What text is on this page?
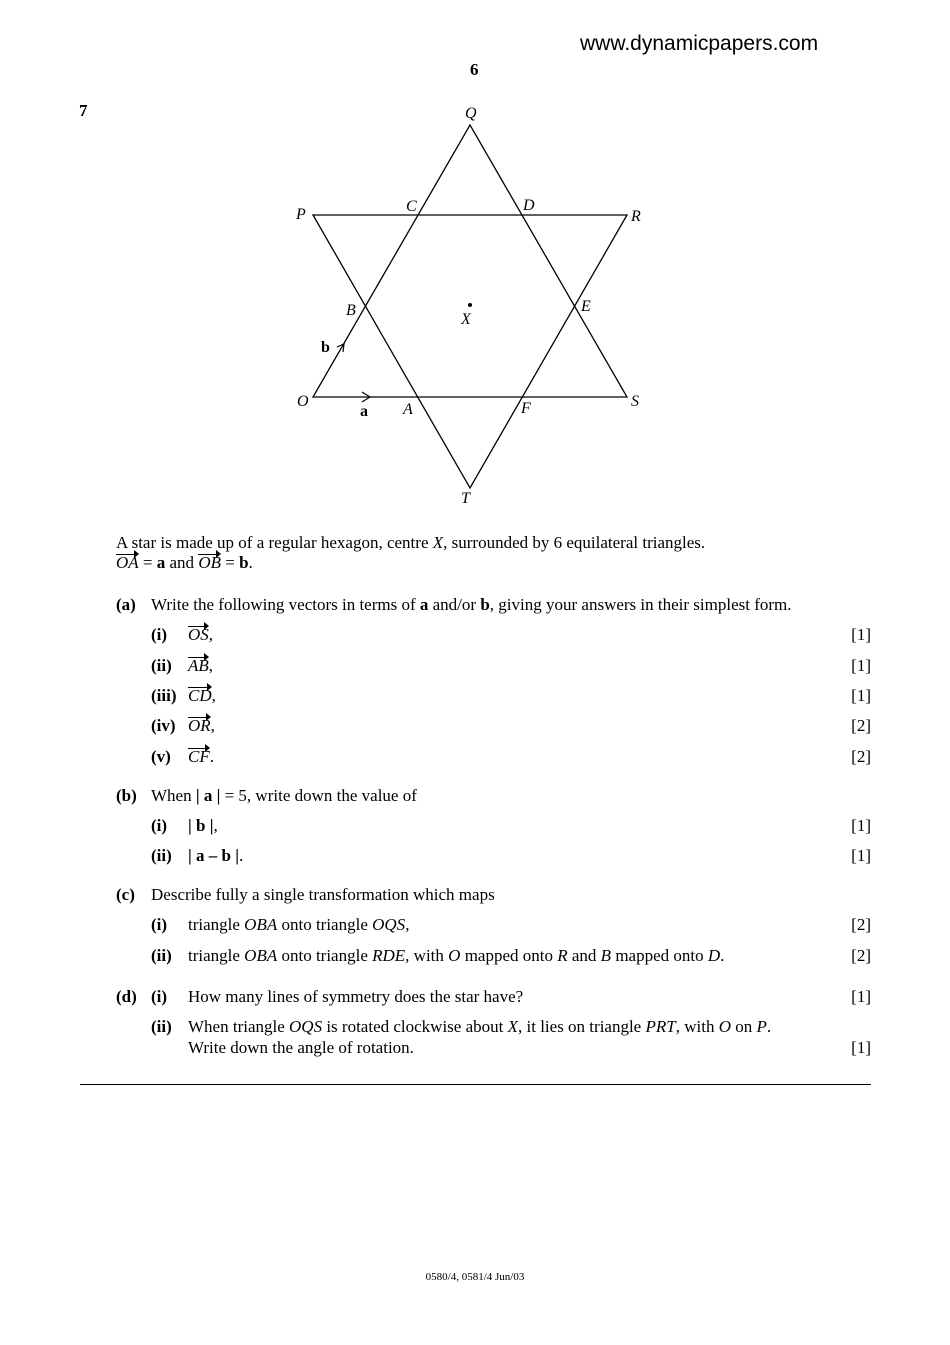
www.dynamicpapers.com
6
7	Q
P	R
C	D
B	E
X
O	A	F	S
T
a
b
A star is made up of a regular hexagon, centre X, surrounded by 6 equilateral triangles.
OA = a and OB = b.
(a) Write the following vectors in terms of a and/or b, giving your answers in their simplest form.
(i) OS,	[1]
(ii) AB,	[1]
(iii) CD,	[1]
(iv) OR,	[2]
(v) CF.	[2]
(b) When | a | = 5, write down the value of
(i) | b |,	[1]
(ii) | a – b |.	[1]
(c) Describe fully a single transformation which maps
(i) triangle OBA onto triangle OQS,	[2]
(ii) triangle OBA onto triangle RDE, with O mapped onto R and B mapped onto D.	[2]
(d) (i) How many lines of symmetry does the star have?	[1]
(ii) When triangle OQS is rotated clockwise about X, it lies on triangle PRT, with O on P.
Write down the angle of rotation.	[1]
0580/4, 0581/4 Jun/03
